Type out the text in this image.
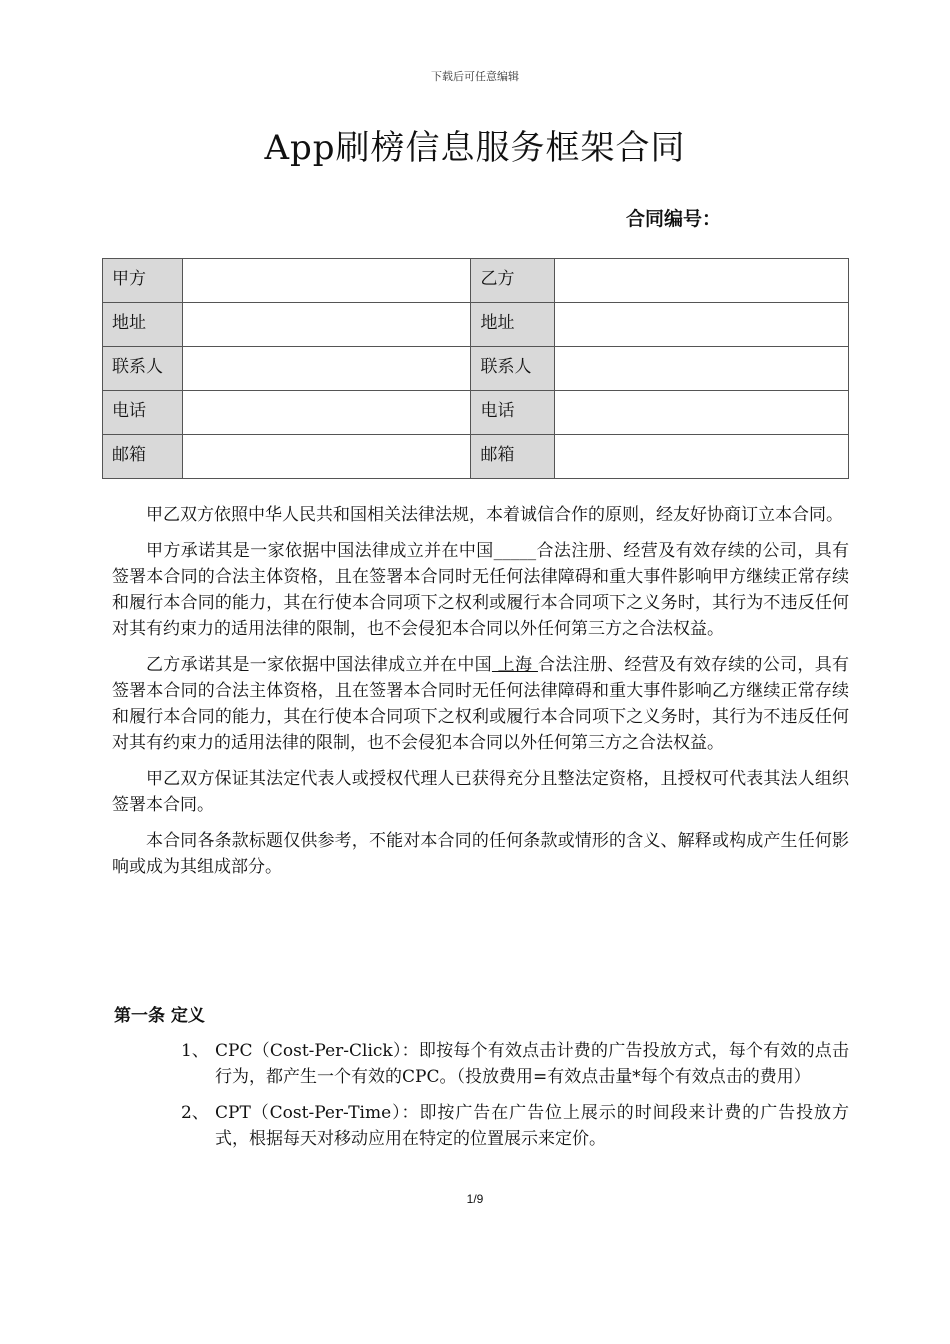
下载后可任意编辑
App刷榜信息服务框架合同
合同编号：
甲方		乙方	
地址		地址	
联系人		联系人	
电话		电话	
邮箱		邮箱	

甲乙双方依照中华人民共和国相关法律法规，本着诚信合作的原则，经友好协商订立本合同。

甲方承诺其是一家依据中国法律成立并在中国_____合法注册、经营及有效存续的公司，具有签署本合同的合法主体资格，且在签署本合同时无任何法律障碍和重大事件影响甲方继续正常存续和履行本合同的能力，其在行使本合同项下之权利或履行本合同项下之义务时，其行为不违反任何对其有约束力的适用法律的限制，也不会侵犯本合同以外任何第三方之合法权益。

乙方承诺其是一家依据中国法律成立并在中国 上海 合法注册、经营及有效存续的公司，具有签署本合同的合法主体资格，且在签署本合同时无任何法律障碍和重大事件影响乙方继续正常存续和履行本合同的能力，其在行使本合同项下之权利或履行本合同项下之义务时，其行为不违反任何对其有约束力的适用法律的限制，也不会侵犯本合同以外任何第三方之合法权益。

甲乙双方保证其法定代表人或授权代理人已获得充分且整法定资格，且授权可代表其法人组织签署本合同。

本合同各条款标题仅供参考，不能对本合同的任何条款或情形的含义、解释或构成产生任何影响或成为其组成部分。

第一条 定义
1、 CPC（Cost-Per-Click）：即按每个有效点击计费的广告投放方式，每个有效的点击行为，都产生一个有效的CPC。（投放费用=有效点击量*每个有效点击的费用）
2、 CPT（Cost-Per-Time）：即按广告在广告位上展示的时间段来计费的广告投放方式，根据每天对移动应用在特定的位置展示来定价。
1/9
